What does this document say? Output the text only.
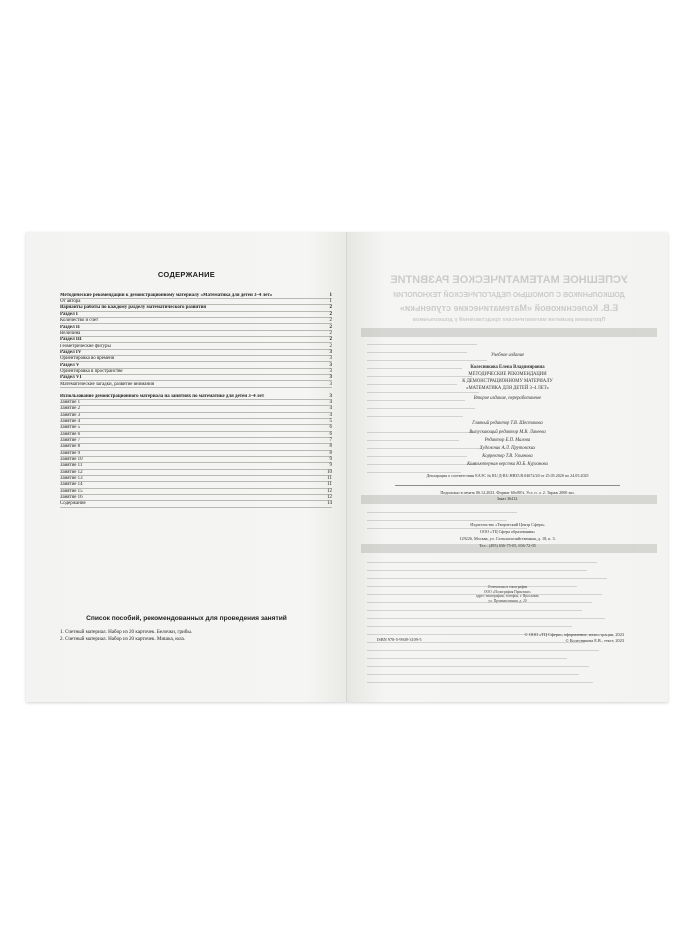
СОДЕРЖАНИЕ
Методические рекомендации к демонстрационному материалу «Математика для детей 3–4 лет»	1
От автора	1
Варианты работы по каждому разделу математического развития	2
Раздел I	2
Количество и счет	2
Раздел II	2
Величина	2
Раздел III	2
Геометрические фигуры	2
Раздел IV	3
Ориентировка во времени	3
Раздел V	3
Ориентировка в пространстве	3
Раздел VI	3
Математические загадки, развитие внимания	3
Использование демонстрационного материала на занятиях по математике для детей 3–4 лет	3
Занятие 1	4
Занятие 2	4
Занятие 3	4
Занятие 4	5
Занятие 5	6
Занятие 6	6
Занятие 7	7
Занятие 8	8
Занятие 9	8
Занятие 10	9
Занятие 11	9
Занятие 12	10
Занятие 13	11
Занятие 14	11
Занятие 15	12
Занятие 16	12
Содержание	14
Список пособий, рекомендованных для проведения занятий
1. Счетный материал. Набор из 20 карточек. Белочки, грибы.
2. Счетный материал. Набор из 20 карточек. Мишка, юла.
УСПЕШНОЕ МАТЕМАТИЧЕСКОЕ РАЗВИТИЕ
ДОШКОЛЬНИКОВ С ПОМОЩЬЮ ПЕДАГОГИЧЕСКОЙ ТЕХНОЛОГИИ
Е.В. Колесниковой «Математические ступеньки»
Программа развития математических представлений у дошкольников
Учебное издание
Колесникова Елена Владимировна
МЕТОДИЧЕСКИЕ РЕКОМЕНДАЦИИ
К ДЕМОНСТРАЦИОННОМУ МАТЕРИАЛУ
«МАТЕМАТИКА ДЛЯ ДЕТЕЙ 3–4 ЛЕТ»
Второе издание, переработанное
Главный редактор Т.В. Шестакова
Выпускающий редактор М.В. Лакеева
Редактор Е.П. Малова
Художник А.Л. Прутовских
Корректор Т.В. Ульянова
Компьютерная верстка Ю.Б. Курганова
Декларация о соответствии ЕАЭС № RU Д-RU.НВ35.В.04672/20 от 25.05.2020 по 24.05.2025
Подписано в печать 06.12.2023. Формат 60х90⅛. Усл. п. л. 2. Тираж 2000 экз.
Заказ 36412.
Издательство «Творческий Центр Сфера»
ООО «ТЦ Сфера образования»
129226, Москва, ул. Сельскохозяйственная, д. 18, к. 3.
Тел.: (495) 656-75-05, 656-72-05
Отпечатано в типографии
ООО «Полиграфия Принтинг»
адрес типографии, телефон, г. Ярославль
ул. Промышленная, д. 20
ISBN 978-5-9949-3109-5
© ООО «ТЦ Сфера», оформление, иллюстрации, 2023
© Колесникова Е.В., текст, 2023
